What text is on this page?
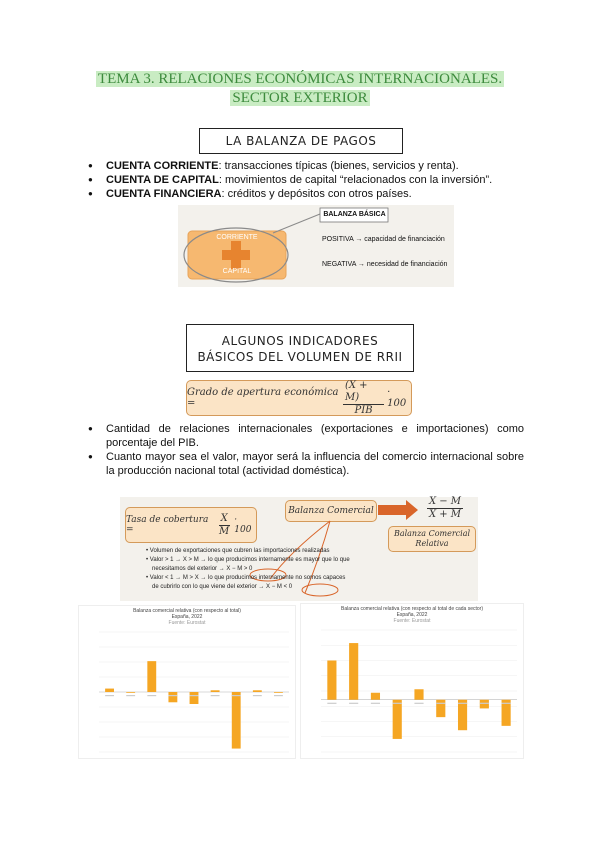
TEMA 3. RELACIONES ECONÓMICAS INTERNACIONALES.
SECTOR EXTERIOR
LA BALANZA DE PAGOS
● CUENTA CORRIENTE: transacciones típicas (bienes, servicios y renta).
● CUENTA DE CAPITAL: movimientos de capital “relacionados con la inversión”.
● CUENTA FINANCIERA: créditos y depósitos con otros países.
BALANZA BÁSICA
CORRIENTE
CAPITAL
POSITIVA → capacidad de financiación
NEGATIVA → necesidad de financiación
ALGUNOS INDICADORES
BÁSICOS DEL VOLUMEN DE RRII
Grado de apertura económica =	$\frac{(X + M)}{\text{PIB}} \cdot 100$
● Cantidad de relaciones internacionales (exportaciones e importaciones) como porcentaje del PIB.
● Cuanto mayor sea el valor, mayor será la influencia del comercio internacional sobre la producción nacional total (actividad doméstica).
Tasa de cobertura =	$\frac{X}{M} \cdot 100$
Balanza Comercial	$\frac{X - M}{X + M}$
Balanza Comercial
Relativa
• Volumen de exportaciones que cubren las importaciones realizadas
• Valor > 1 → X > M → lo que producimos internamente es mayor que lo que
necesitamos del exterior → X − M > 0
• Valor < 1 → M > X → lo que producimos internamente no somos capaces
de cubrirlo con lo que viene del exterior → X − M < 0
Balanza comercial relativa (con respecto al total)
España, 2022
Fuente: Eurostat
Balanza comercial relativa (con respecto al total de cada sector)
España, 2022
Fuente: Eurostat
